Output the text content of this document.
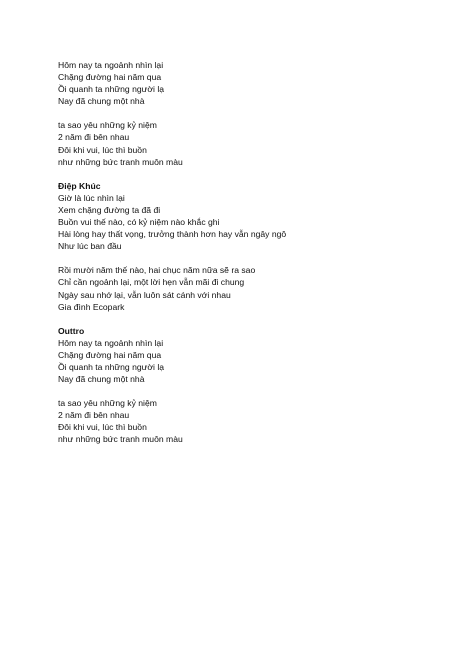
Hôm nay ta ngoảnh nhìn lại

Chặng đường hai năm qua

Ồi quanh ta những người lạ

Nay đã chung một nhà

ta sao yêu những kỷ niệm

2 năm đi bên nhau

Đôi khi vui, lúc thì buồn

như những bức tranh muôn màu

Điệp Khúc

Giờ là lúc nhìn lại

Xem chặng đường ta đã đi

Buồn vui thế nào, có kỷ niệm nào khắc ghi

Hài lòng hay thất vọng, trưởng thành hơn hay vẫn ngây ngô

Như lúc ban đầu

Rồi mười năm thế nào, hai chục năm nữa sẽ ra sao

Chỉ cần ngoảnh lại, một lời hẹn vẫn mãi đi chung

Ngày sau nhớ lại, vẫn luôn sát cánh với nhau

Gia đình Ecopark

Outtro

Hôm nay ta ngoảnh nhìn lại

Chặng đường hai năm qua

Ồi quanh ta những người lạ

Nay đã chung một nhà

ta sao yêu những kỷ niệm

2 năm đi bên nhau

Đôi khi vui, lúc thì buồn

như những bức tranh muôn màu
